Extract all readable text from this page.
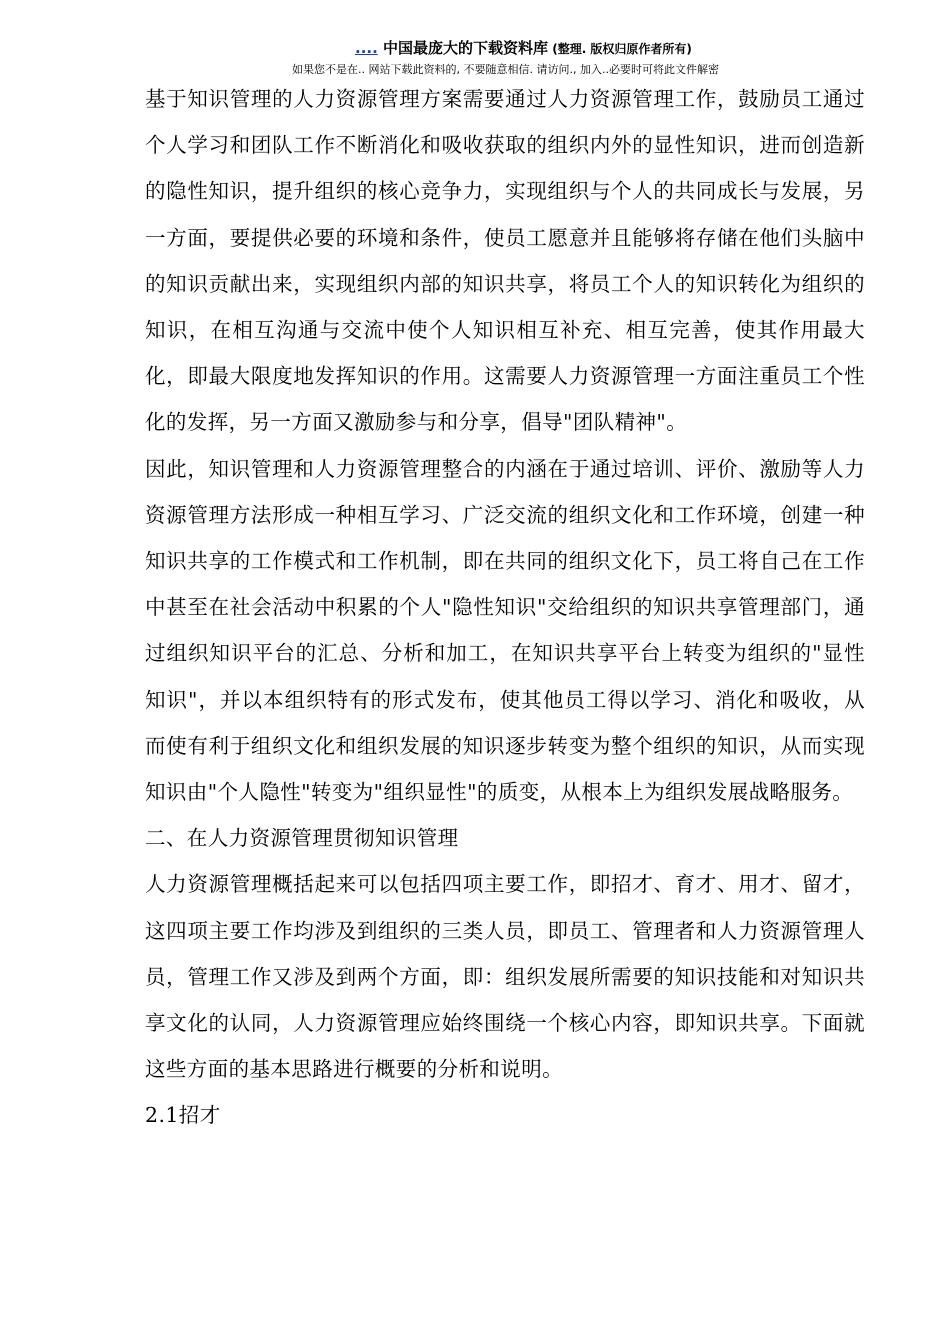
.... 中国最庞大的下载资料库 (整理. 版权归原作者所有)
如果您不是在.. 网站下载此资料的, 不要随意相信. 请访问., 加入..必要时可将此文件解密

基于知识管理的人力资源管理方案需要通过人力资源管理工作，鼓励员工通过个人学习和团队工作不断消化和吸收获取的组织内外的显性知识，进而创造新的隐性知识，提升组织的核心竞争力，实现组织与个人的共同成长与发展，另一方面，要提供必要的环境和条件，使员工愿意并且能够将存储在他们头脑中的知识贡献出来，实现组织内部的知识共享，将员工个人的知识转化为组织的知识，在相互沟通与交流中使个人知识相互补充、相互完善，使其作用最大化，即最大限度地发挥知识的作用。这需要人力资源管理一方面注重员工个性化的发挥，另一方面又激励参与和分享，倡导"团队精神"。

因此，知识管理和人力资源管理整合的内涵在于通过培训、评价、激励等人力资源管理方法形成一种相互学习、广泛交流的组织文化和工作环境，创建一种知识共享的工作模式和工作机制，即在共同的组织文化下，员工将自己在工作中甚至在社会活动中积累的个人"隐性知识"交给组织的知识共享管理部门，通过组织知识平台的汇总、分析和加工，在知识共享平台上转变为组织的"显性知识"，并以本组织特有的形式发布，使其他员工得以学习、消化和吸收，从而使有利于组织文化和组织发展的知识逐步转变为整个组织的知识，从而实现知识由"个人隐性"转变为"组织显性"的质变，从根本上为组织发展战略服务。

二、在人力资源管理贯彻知识管理

人力资源管理概括起来可以包括四项主要工作，即招才、育才、用才、留才，这四项主要工作均涉及到组织的三类人员，即员工、管理者和人力资源管理人员，管理工作又涉及到两个方面，即：组织发展所需要的知识技能和对知识共享文化的认同，人力资源管理应始终围绕一个核心内容，即知识共享。下面就这些方面的基本思路进行概要的分析和说明。

2.1招才
